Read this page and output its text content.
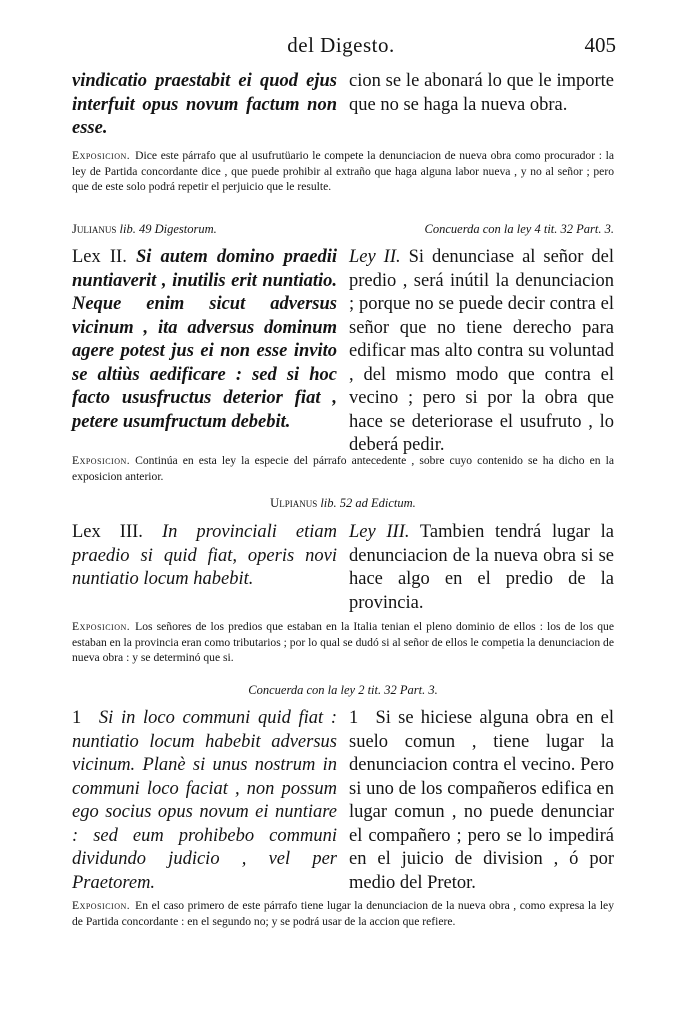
del Digesto.	405
vindicatio praestabit ei quod ejus interfuit opus novum factum non esse.
cion se le abonará lo que le importe que no se haga la nueva obra.
Exposicion. Dice este párrafo que al usufrutüario le compete la denunciacion de nueva obra como procurador : la ley de Partida concordante dice , que puede prohibir al extraño que haga alguna labor nueva , y no al señor ; pero que de este solo podrá repetir el perjuicio que le resulte.
Julianus lib. 49 Digestorum.	Concuerda con la ley 4 tit. 32 Part. 3.
Lex II. Si autem domino praedii nuntiaverit , inutilis erit nuntiatio. Neque enim sicut adversus vicinum , ita adversus dominum agere potest jus ei non esse invito se altiùs aedificare : sed si hoc facto ususfructus deterior fiat , petere usumfructum debebit.
Ley II. Si denunciase al señor del predio , será inútil la denunciacion ; porque no se puede decir contra el señor que no tiene derecho para edificar mas alto contra su voluntad , del mismo modo que contra el vecino ; pero si por la obra que hace se deteriorase el usufruto , lo deberá pedir.
Exposicion. Continúa en esta ley la especie del párrafo antecedente , sobre cuyo contenido se ha dicho en la exposicion anterior.
Ulpianus lib. 52 ad Edictum.
Lex III. In provinciali etiam praedio si quid fiat, operis novi nuntiatio locum habebit.
Ley III. Tambien tendrá lugar la denunciacion de la nueva obra si se hace algo en el predio de la provincia.
Exposicion. Los señores de los predios que estaban en la Italia tenian el pleno dominio de ellos : los de los que estaban en la provincia eran como tributarios ; por lo qual se dudó si al señor de ellos le competia la denunciacion de nueva obra : y se determinó que si.
Concuerda con la ley 2 tit. 32 Part. 3.
1 Si in loco communi quid fiat : nuntiatio locum habebit adversus vicinum. Planè si unus nostrum in communi loco faciat , non possum ego socius opus novum ei nuntiare : sed eum prohibebo communi dividundo judicio , vel per Praetorem.
1 Si se hiciese alguna obra en el suelo comun , tiene lugar la denunciacion contra el vecino. Pero si uno de los compañeros edifica en lugar comun , no puede denunciar el compañero ; pero se lo impedirá en el juicio de division , ó por medio del Pretor.
Exposicion. En el caso primero de este párrafo tiene lugar la denunciacion de la nueva obra , como expresa la ley de Partida concordante : en el segundo no; y se podrá usar de la accion que refiere.
